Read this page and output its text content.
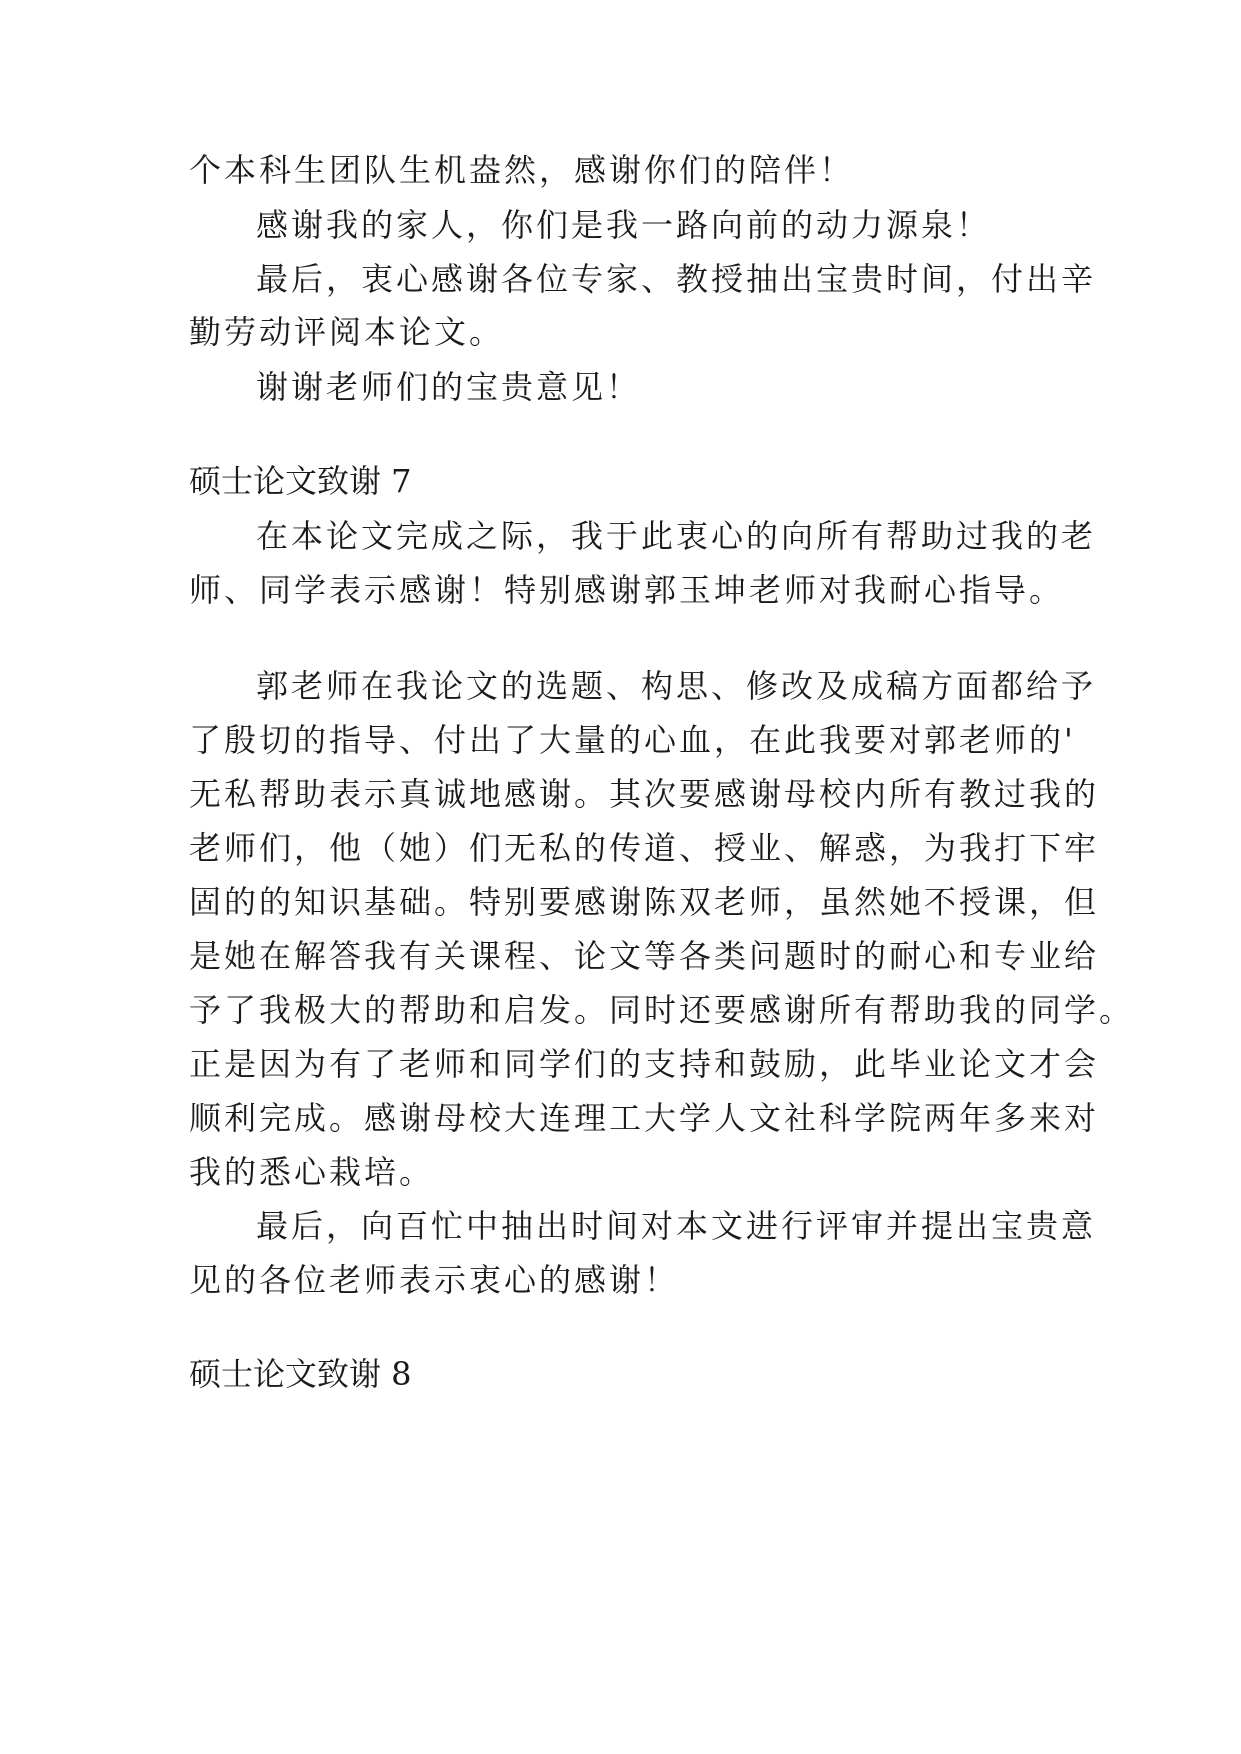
个本科生团队生机盎然，感谢你们的陪伴！
感谢我的家人，你们是我一路向前的动力源泉！
最后，衷心感谢各位专家、教授抽出宝贵时间，付出辛
勤劳动评阅本论文。
谢谢老师们的宝贵意见！
硕士论文致谢 7
在本论文完成之际，我于此衷心的向所有帮助过我的老
师、同学表示感谢！特别感谢郭玉坤老师对我耐心指导。
郭老师在我论文的选题、构思、修改及成稿方面都给予
了殷切的指导、付出了大量的心血，在此我要对郭老师的'
无私帮助表示真诚地感谢。其次要感谢母校内所有教过我的
老师们，他（她）们无私的传道、授业、解惑，为我打下牢
固的的知识基础。特别要感谢陈双老师，虽然她不授课，但
是她在解答我有关课程、论文等各类问题时的耐心和专业给
予了我极大的帮助和启发。同时还要感谢所有帮助我的同学。
正是因为有了老师和同学们的支持和鼓励，此毕业论文才会
顺利完成。感谢母校大连理工大学人文社科学院两年多来对
我的悉心栽培。
最后，向百忙中抽出时间对本文进行评审并提出宝贵意
见的各位老师表示衷心的感谢！
硕士论文致谢 8
